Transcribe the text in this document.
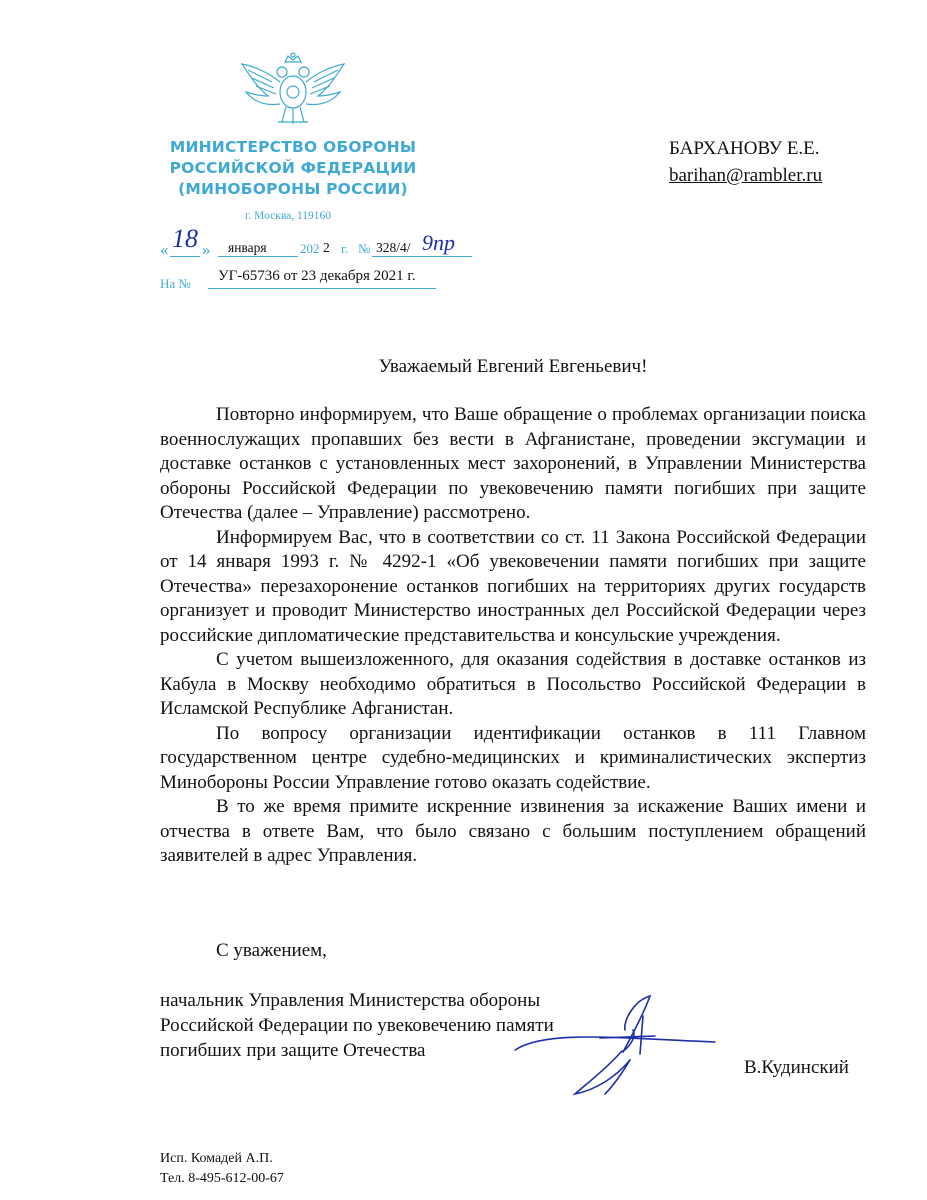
МИНИСТЕРСТВО ОБОРОНЫ
РОССИЙСКОЙ ФЕДЕРАЦИИ
(МИНОБОРОНЫ РОССИИ)
г. Москва, 119160
« 18 » января	202 2 г. № 328/4/ 9пр
На №	УГ-65736 от 23 декабря 2021 г.
БАРХАНОВУ Е.Е.
barihan@rambler.ru
Уважаемый Евгений Евгеньевич!

Повторно информируем, что Ваше обращение о проблемах организации поиска военнослужащих пропавших без вести в Афганистане, проведении эксгумации и доставке останков с установленных мест захоронений, в Управлении Министерства обороны Российской Федерации по увековечению памяти погибших при защите Отечества (далее – Управление) рассмотрено.

Информируем Вас, что в соответствии со ст. 11 Закона Российской Федерации от 14 января 1993 г. № 4292-1 «Об увековечении памяти погибших при защите Отечества» перезахоронение останков погибших на территориях других государств организует и проводит Министерство иностранных дел Российской Федерации через российские дипломатические представительства и консульские учреждения.

С учетом вышеизложенного, для оказания содействия в доставке останков из Кабула в Москву необходимо обратиться в Посольство Российской Федерации в Исламской Республике Афганистан.

По вопросу организации идентификации останков в 111 Главном государственном центре судебно-медицинских и криминалистических экспертиз Минобороны России Управление готово оказать содействие.

В то же время примите искренние извинения за искажение Ваших имени и отчества в ответе Вам, что было связано с большим поступлением обращений заявителей в адрес Управления.

С уважением,
начальник Управления Министерства обороны
Российской Федерации по увековечению памяти
погибших при защите Отечества
В.Кудинский
Исп. Комадей А.П.
Тел. 8-495-612-00-67
